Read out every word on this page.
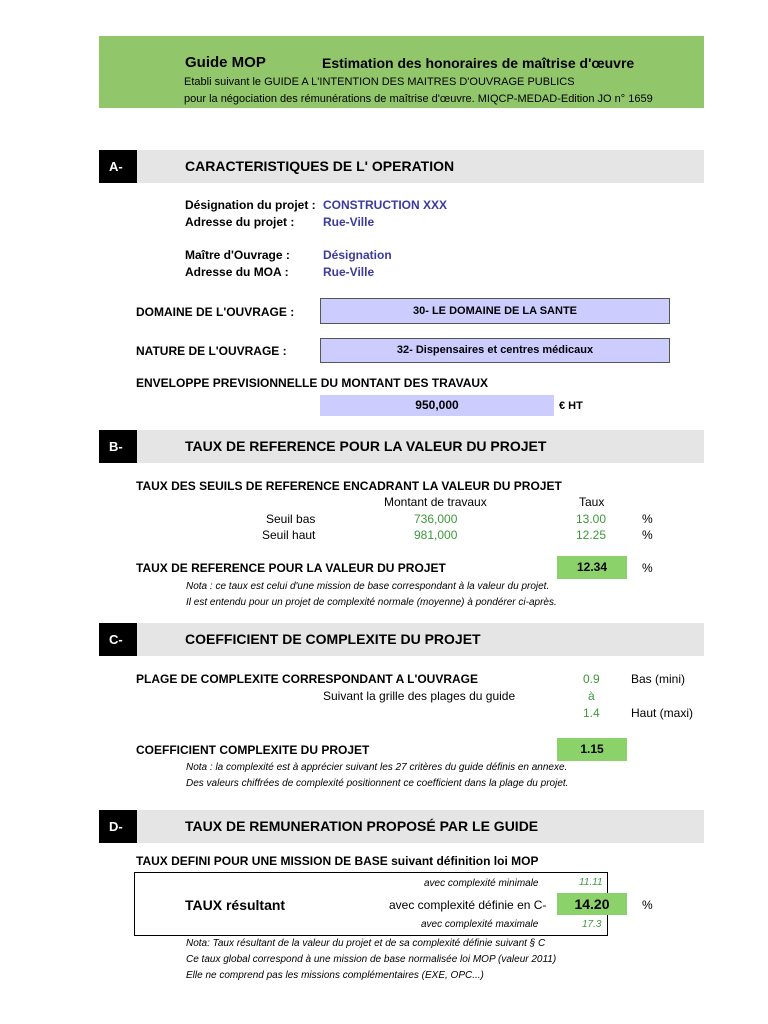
Guide MOP	Estimation des honoraires de maîtrise d'œuvre
Etabli suivant le GUIDE A L'INTENTION DES MAITRES D'OUVRAGE PUBLICS
pour la négociation des rémunérations de maîtrise d'œuvre. MIQCP-MEDAD-Edition JO n° 1659
A-	CARACTERISTIQUES DE L' OPERATION
Désignation du projet : CONSTRUCTION XXX
Adresse du projet : Rue-Ville
Maître d'Ouvrage :	Désignation
Adresse du MOA :	Rue-Ville
DOMAINE DE L'OUVRAGE :	30- LE DOMAINE DE LA SANTE
NATURE DE L'OUVRAGE :	32- Dispensaires et centres médicaux
ENVELOPPE PREVISIONNELLE DU MONTANT DES TRAVAUX
950,000	€ HT
B-	TAUX DE REFERENCE POUR LA VALEUR DU PROJET
TAUX DES SEUILS DE REFERENCE ENCADRANT LA VALEUR DU PROJET
Montant de travaux	Taux
Seuil bas	736,000	13.00	%
Seuil haut	981,000	12.25	%
TAUX DE REFERENCE POUR LA VALEUR DU PROJET	12.34	%
Nota : ce taux est celui d'une mission de base correspondant à la valeur du projet.
Il est entendu pour un projet de complexité normale (moyenne) à pondérer ci-après.
C-	COEFFICIENT DE COMPLEXITE DU PROJET
PLAGE DE COMPLEXITE CORRESPONDANT A L'OUVRAGE
Suivant la grille des plages du guide
0.9	Bas (mini)
à
1.4	Haut (maxi)
COEFFICIENT COMPLEXITE DU PROJET	1.15
Nota : la complexité est à apprécier suivant les 27 critères du guide définis en annexe.
Des valeurs chiffrées de complexité positionnent ce coefficient dans la plage du projet.
D-	TAUX DE REMUNERATION PROPOSÉ PAR LE GUIDE
TAUX DEFINI POUR UNE MISSION DE BASE suivant définition loi MOP
TAUX résultant
avec complexité minimale	11.11
avec complexité définie en C-	14.20	%
avec complexité maximale	17.3
Nota: Taux résultant de la valeur du projet et de sa complexité définie suivant § C
Ce taux global correspond à une mission de base normalisée loi MOP (valeur 2011)
Elle ne comprend pas les missions complémentaires (EXE, OPC...)
